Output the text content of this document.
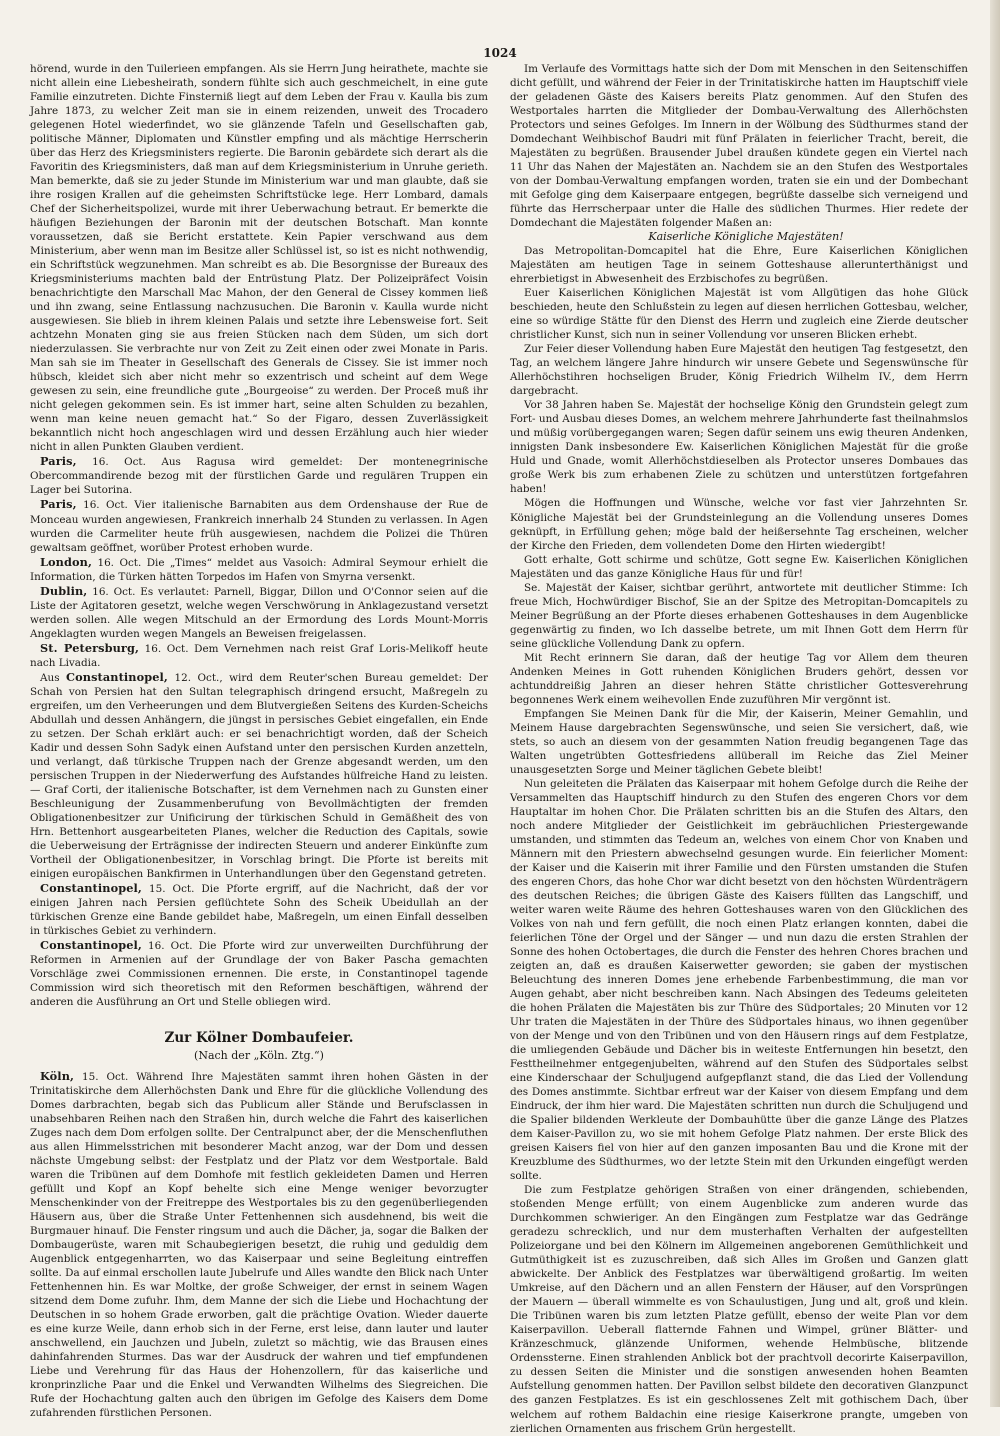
1024

hörend, wurde in den Tuilerieen empfangen. Als sie Herrn Jung heirathete, machte sie nicht allein eine Liebesheirath, sondern fühlte sich auch geschmeichelt, in eine gute Familie einzutreten. Dichte Finsterniß liegt auf dem Leben der Frau v. Kaulla bis zum Jahre 1873, zu welcher Zeit man sie in einem reizenden, unweit des Trocadero gelegenen Hotel wiederfindet, wo sie glänzende Tafeln und Gesellschaften gab, politische Männer, Diplomaten und Künstler empfing und als mächtige Herrscherin über das Herz des Kriegsministers regierte. Die Baronin gebärdete sich derart als die Favoritin des Kriegsministers, daß man auf dem Kriegsministerium in Unruhe gerieth. Man bemerkte, daß sie zu jeder Stunde im Ministerium war und man glaubte, daß sie ihre rosigen Krallen auf die geheimsten Schriftstücke lege. Herr Lombard, damals Chef der Sicherheitspolizei, wurde mit ihrer Ueberwachung betraut. Er bemerkte die häufigen Beziehungen der Baronin mit der deutschen Botschaft. Man konnte voraussetzen, daß sie Bericht erstattete. Kein Papier verschwand aus dem Ministerium, aber wenn man im Besitze aller Schlüssel ist, so ist es nicht nothwendig, ein Schriftstück wegzunehmen. Man schreibt es ab. Die Besorgnisse der Bureaux des Kriegsministeriums machten bald der Entrüstung Platz. Der Polizeipräfect Voisin benachrichtigte den Marschall Mac Mahon, der den General de Cissey kommen ließ und ihn zwang, seine Entlassung nachzusuchen. Die Baronin v. Kaulla wurde nicht ausgewiesen. Sie blieb in ihrem kleinen Palais und setzte ihre Lebensweise fort. Seit achtzehn Monaten ging sie aus freien Stücken nach dem Süden, um sich dort niederzulassen. Sie verbrachte nur von Zeit zu Zeit einen oder zwei Monate in Paris. Man sah sie im Theater in Gesellschaft des Generals de Cissey. Sie ist immer noch hübsch, kleidet sich aber nicht mehr so exzentrisch und scheint auf dem Wege gewesen zu sein, eine freundliche gute „Bourgeoise“ zu werden. Der Proceß muß ihr nicht gelegen gekommen sein. Es ist immer hart, seine alten Schulden zu bezahlen, wenn man keine neuen gemacht hat.“ So der Figaro, dessen Zuverlässigkeit bekanntlich nicht hoch angeschlagen wird und dessen Erzählung auch hier wieder nicht in allen Punkten Glauben verdient.

Paris, 16. Oct. Aus Ragusa wird gemeldet: Der montenegrinische Obercommandirende bezog mit der fürstlichen Garde und regulären Truppen ein Lager bei Sutorina.

Paris, 16. Oct. Vier italienische Barnabiten aus dem Ordenshause der Rue de Monceau wurden angewiesen, Frankreich innerhalb 24 Stunden zu verlassen. In Agen wurden die Carmeliter heute früh ausgewiesen, nachdem die Polizei die Thüren gewaltsam geöffnet, worüber Protest erhoben wurde.

London, 16. Oct. Die „Times“ meldet aus Vasoich: Admiral Seymour erhielt die Information, die Türken hätten Torpedos im Hafen von Smyrna versenkt.

Dublin, 16. Oct. Es verlautet: Parnell, Biggar, Dillon und O'Connor seien auf die Liste der Agitatoren gesetzt, welche wegen Verschwörung in Anklagezustand versetzt werden sollen. Alle wegen Mitschuld an der Ermordung des Lords Mount-Morris Angeklagten wurden wegen Mangels an Beweisen freigelassen.

St. Petersburg, 16. Oct. Dem Vernehmen nach reist Graf Loris-Melikoff heute nach Livadia.

Aus Constantinopel, 12. Oct., wird dem Reuter'schen Bureau gemeldet: Der Schah von Persien hat den Sultan telegraphisch dringend ersucht, Maßregeln zu ergreifen, um den Verheerungen und dem Blutvergießen Seitens des Kurden-Scheichs Abdullah und dessen Anhängern, die jüngst in persisches Gebiet eingefallen, ein Ende zu setzen. Der Schah erklärt auch: er sei benachrichtigt worden, daß der Scheich Kadir und dessen Sohn Sadyk einen Aufstand unter den persischen Kurden anzetteln, und verlangt, daß türkische Truppen nach der Grenze abgesandt werden, um den persischen Truppen in der Niederwerfung des Aufstandes hülfreiche Hand zu leisten. — Graf Corti, der italienische Botschafter, ist dem Vernehmen nach zu Gunsten einer Beschleunigung der Zusammenberufung von Bevollmächtigten der fremden Obligationenbesitzer zur Unificirung der türkischen Schuld in Gemäßheit des von Hrn. Bettenhort ausgearbeiteten Planes, welcher die Reduction des Capitals, sowie die Ueberweisung der Erträgnisse der indirecten Steuern und anderer Einkünfte zum Vortheil der Obligationenbesitzer, in Vorschlag bringt. Die Pforte ist bereits mit einigen europäischen Bankfirmen in Unterhandlungen über den Gegenstand getreten.

Constantinopel, 15. Oct. Die Pforte ergriff, auf die Nachricht, daß der vor einigen Jahren nach Persien geflüchtete Sohn des Scheik Ubeidullah an der türkischen Grenze eine Bande gebildet habe, Maßregeln, um einen Einfall desselben in türkisches Gebiet zu verhindern.

Constantinopel, 16. Oct. Die Pforte wird zur unverweilten Durchführung der Reformen in Armenien auf der Grundlage der von Baker Pascha gemachten Vorschläge zwei Commissionen ernennen. Die erste, in Constantinopel tagende Commission wird sich theoretisch mit den Reformen beschäftigen, während der anderen die Ausführung an Ort und Stelle obliegen wird.

Zur Kölner Dombaufeier.
(Nach der „Köln. Ztg.“)

Köln, 15. Oct. Während Ihre Majestäten sammt ihren hohen Gästen in der Trinitatiskirche dem Allerhöchsten Dank und Ehre für die glückliche Vollendung des Domes darbrachten, begab sich das Publicum aller Stände und Berufsclassen in unabsehbaren Reihen nach den Straßen hin, durch welche die Fahrt des kaiserlichen Zuges nach dem Dom erfolgen sollte. Der Centralpunct aber, der die Menschenfluthen aus allen Himmelsstrichen mit besonderer Macht anzog, war der Dom und dessen nächste Umgebung selbst: der Festplatz und der Platz vor dem Westportale. Bald waren die Tribünen auf dem Domhofe mit festlich gekleideten Damen und Herren gefüllt und Kopf an Kopf behelte sich eine Menge weniger bevorzugter Menschenkinder von der Freitreppe des Westportales bis zu den gegenüberliegenden Häusern aus, über die Straße Unter Fettenhennen sich ausdehnend, bis weit die Burgmauer hinauf. Die Fenster ringsum und auch die Dächer, ja, sogar die Balken der Dombaugerüste, waren mit Schaubegierigen besetzt, die ruhig und geduldig dem Augenblick entgegenharrten, wo das Kaiserpaar und seine Begleitung eintreffen sollte. Da auf einmal erschollen laute Jubelrufe und Alles wandte den Blick nach Unter Fettenhennen hin. Es war Moltke, der große Schweiger, der ernst in seinem Wagen sitzend dem Dome zufuhr. Ihm, dem Manne der sich die Liebe und Hochachtung der Deutschen in so hohem Grade erworben, galt die prächtige Ovation. Wieder dauerte es eine kurze Weile, dann erhob sich in der Ferne, erst leise, dann lauter und lauter anschwellend, ein Jauchzen und Jubeln, zuletzt so mächtig, wie das Brausen eines dahinfahrenden Sturmes. Das war der Ausdruck der wahren und tief empfundenen Liebe und Verehrung für das Haus der Hohenzollern, für das kaiserliche und kronprinzliche Paar und die Enkel und Verwandten Wilhelms des Siegreichen. Die Rufe der Hochachtung galten auch den übrigen im Gefolge des Kaisers dem Dome zufahrenden fürstlichen Personen.

Im Verlaufe des Vormittags hatte sich der Dom mit Menschen in den Seitenschiffen dicht gefüllt, und während der Feier in der Trinitatiskirche hatten im Hauptschiff viele der geladenen Gäste des Kaisers bereits Platz genommen. Auf den Stufen des Westportales harrten die Mitglieder der Dombau-Verwaltung des Allerhöchsten Protectors und seines Gefolges. Im Innern in der Wölbung des Südthurmes stand der Domdechant Weihbischof Baudri mit fünf Prälaten in feierlicher Tracht, bereit, die Majestäten zu begrüßen. Brausender Jubel draußen kündete gegen ein Viertel nach 11 Uhr das Nahen der Majestäten an. Nachdem sie an den Stufen des Westportales von der Dombau-Verwaltung empfangen worden, traten sie ein und der Dombechant mit Gefolge ging dem Kaiserpaare entgegen, begrüßte dasselbe sich verneigend und führte das Herrscherpaar unter die Halle des südlichen Thurmes. Hier redete der Domdechant die Majestäten folgender Maßen an:

Kaiserliche Königliche Majestäten!

Das Metropolitan-Domcapitel hat die Ehre, Eure Kaiserlichen Königlichen Majestäten am heutigen Tage in seinem Gotteshause allerunterthänigst und ehrerbietigst in Abwesenheit des Erzbischofes zu begrüßen.

Euer Kaiserlichen Königlichen Majestät ist vom Allgütigen das hohe Glück beschieden, heute den Schlußstein zu legen auf diesen herrlichen Gottesbau, welcher, eine so würdige Stätte für den Dienst des Herrn und zugleich eine Zierde deutscher christlicher Kunst, sich nun in seiner Vollendung vor unseren Blicken erhebt.

Zur Feier dieser Vollendung haben Eure Majestät den heutigen Tag festgesetzt, den Tag, an welchem längere Jahre hindurch wir unsere Gebete und Segenswünsche für Allerhöchstihren hochseligen Bruder, König Friedrich Wilhelm IV., dem Herrn dargebracht.

Vor 38 Jahren haben Se. Majestät der hochselige König den Grundstein gelegt zum Fort- und Ausbau dieses Domes, an welchem mehrere Jahrhunderte fast theilnahmslos und müßig vorübergegangen waren; Segen dafür seinem uns ewig theuren Andenken, innigsten Dank insbesondere Ew. Kaiserlichen Königlichen Majestät für die große Huld und Gnade, womit Allerhöchstdieselben als Protector unseres Dombaues das große Werk bis zum erhabenen Ziele zu schützen und unterstützen fortgefahren haben!

Mögen die Hoffnungen und Wünsche, welche vor fast vier Jahrzehnten Sr. Königliche Majestät bei der Grundsteinlegung an die Vollendung unseres Domes geknüpft, in Erfüllung gehen; möge bald der heißersehnte Tag erscheinen, welcher der Kirche den Frieden, dem vollendeten Dome den Hirten wiedergibt!

Gott erhalte, Gott schirme und schütze, Gott segne Ew. Kaiserlichen Königlichen Majestäten und das ganze Königliche Haus für und für!

Se. Majestät der Kaiser, sichtbar gerührt, antwortete mit deutlicher Stimme: Ich freue Mich, Hochwürdiger Bischof, Sie an der Spitze des Metropitan-Domcapitels zu Meiner Begrüßung an der Pforte dieses erhabenen Gotteshauses in dem Augenblicke gegenwärtig zu finden, wo Ich dasselbe betrete, um mit Ihnen Gott dem Herrn für seine glückliche Vollendung Dank zu opfern.

Mit Recht erinnern Sie daran, daß der heutige Tag vor Allem dem theuren Andenken Meines in Gott ruhenden Königlichen Bruders gehört, dessen vor achtunddreißig Jahren an dieser hehren Stätte christlicher Gottesverehrung begonnenes Werk einem weihevollen Ende zuzuführen Mir vergönnt ist.

Empfangen Sie Meinen Dank für die Mir, der Kaiserin, Meiner Gemahlin, und Meinem Hause dargebrachten Segenswünsche, und seien Sie versichert, daß, wie stets, so auch an diesem von der gesammten Nation freudig begangenen Tage das Walten ungetrübten Gottesfriedens allüberall im Reiche das Ziel Meiner unausgesetzten Sorge und Meiner täglichen Gebete bleibt!

Nun geleiteten die Prälaten das Kaiserpaar mit hohem Gefolge durch die Reihe der Versammelten das Hauptschiff hindurch zu den Stufen des engeren Chors vor dem Hauptaltar im hohen Chor. Die Prälaten schritten bis an die Stufen des Altars, den noch andere Mitglieder der Geistlichkeit im gebräuchlichen Priestergewande umstanden, und stimmten das Tedeum an, welches von einem Chor von Knaben und Männern mit den Priestern abwechselnd gesungen wurde. Ein feierlicher Moment: der Kaiser und die Kaiserin mit ihrer Familie und den Fürsten umstanden die Stufen des engeren Chors, das hohe Chor war dicht besetzt von den höchsten Würdenträgern des deutschen Reiches; die übrigen Gäste des Kaisers füllten das Langschiff, und weiter waren weite Räume des hehren Gotteshauses waren von den Glücklichen des Volkes von nah und fern gefüllt, die noch einen Platz erlangen konnten, dabei die feierlichen Töne der Orgel und der Sänger — und nun dazu die ersten Strahlen der Sonne des hohen Octobertages, die durch die Fenster des hehren Chores brachen und zeigten an, daß es draußen Kaiserwetter geworden; sie gaben der mystischen Beleuchtung des inneren Domes jene erhebende Farbenbestimmung, die man vor Augen gehabt, aber nicht beschreiben kann. Nach Absingen des Tedeums geleiteten die hohen Prälaten die Majestäten bis zur Thüre des Südportales; 20 Minuten vor 12 Uhr traten die Majestäten in der Thüre des Südportales hinaus, wo ihnen gegenüber von der Menge und von den Tribünen und von den Häusern rings auf dem Festplatze, die umliegenden Gebäude und Dächer bis in weiteste Entfernungen hin besetzt, den Festtheilnehmer entgegenjubelten, während auf den Stufen des Südportales selbst eine Kinderschaar der Schuljugend aufgepflanzt stand, die das Lied der Vollendung des Domes anstimmte. Sichtbar erfreut war der Kaiser von diesem Empfang und dem Eindruck, der ihm hier ward. Die Majestäten schritten nun durch die Schuljugend und die Spalier bildenden Werkleute der Dombauhütte über die ganze Länge des Platzes dem Kaiser-Pavillon zu, wo sie mit hohem Gefolge Platz nahmen. Der erste Blick des greisen Kaisers fiel von hier auf den ganzen imposanten Bau und die Krone mit der Kreuzblume des Südthurmes, wo der letzte Stein mit den Urkunden eingefügt werden sollte.

Die zum Festplatze gehörigen Straßen von einer drängenden, schiebenden, stoßenden Menge erfüllt; von einem Augenblicke zum anderen wurde das Durchkommen schwieriger. An den Eingängen zum Festplatze war das Gedränge geradezu schrecklich, und nur dem musterhaften Verhalten der aufgestellten Polizeiorgane und bei den Kölnern im Allgemeinen angeborenen Gemüthlichkeit und Gutmüthigkeit ist es zuzuschreiben, daß sich Alles im Großen und Ganzen glatt abwickelte. Der Anblick des Festplatzes war überwältigend großartig. Im weiten Umkreise, auf den Dächern und an allen Fenstern der Häuser, auf den Vorsprüngen der Mauern — überall wimmelte es von Schaulustigen, Jung und alt, groß und klein. Die Tribünen waren bis zum letzten Platze gefüllt, ebenso der weite Plan vor dem Kaiserpavillon. Ueberall flatternde Fahnen und Wimpel, grüner Blätter- und Kränzeschmuck, glänzende Uniformen, wehende Helmbüsche, blitzende Ordenssterne. Einen strahlenden Anblick bot der prachtvoll decorirte Kaiserpavillon, zu dessen Seiten die Minister und die sonstigen anwesenden hohen Beamten Aufstellung genommen hatten. Der Pavillon selbst bildete den decorativen Glanzpunct des ganzen Festplatzes. Es ist ein geschlossenes Zelt mit gothischem Dach, über welchem auf rothem Baldachin eine riesige Kaiserkrone prangte, umgeben von zierlichen Ornamenten aus frischem Grün hergestellt.
